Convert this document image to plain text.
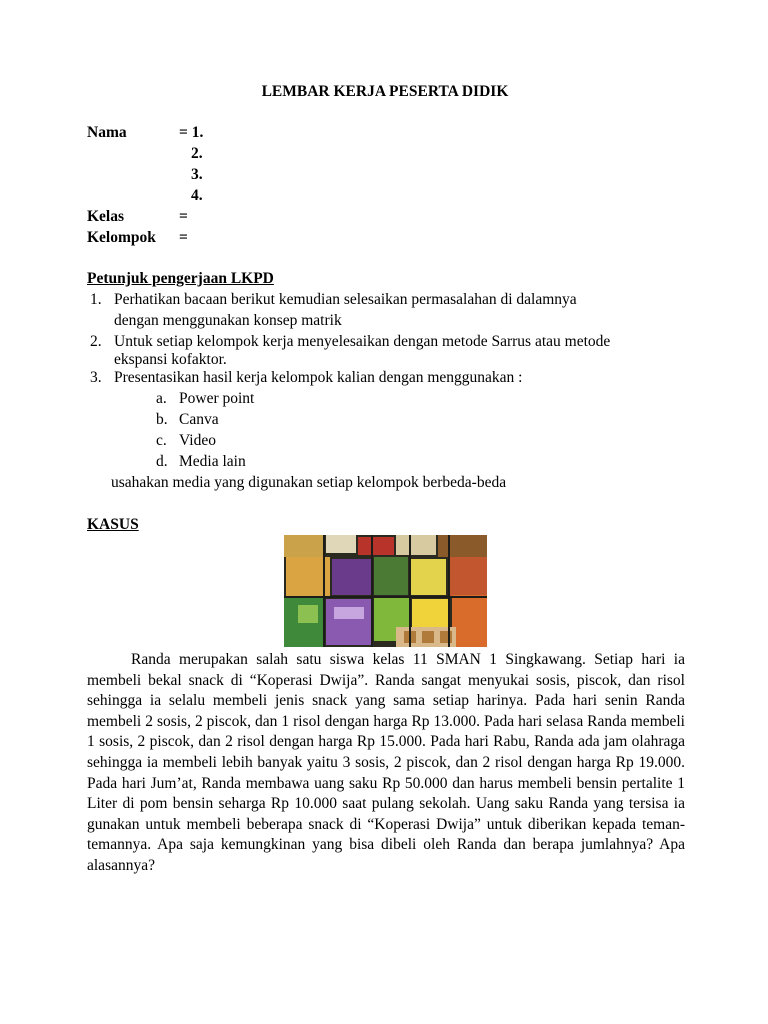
LEMBAR KERJA PESERTA DIDIK
Nama	= 1.
2.
3.
4.
Kelas	=
Kelompok =
Petunjuk pengerjaan LKPD
1. Perhatikan bacaan berikut kemudian selesaikan permasalahan di dalamnya
dengan menggunakan konsep matrik
2. Untuk setiap kelompok kerja menyelesaikan dengan metode Sarrus atau metode
ekspansi kofaktor.
3. Presentasikan hasil kerja kelompok kalian dengan menggunakan :
a. Power point
b. Canva
c. Video
d. Media lain
usahakan media yang digunakan setiap kelompok berbeda-beda
KASUS
Randa merupakan salah satu siswa kelas 11 SMAN 1 Singkawang. Setiap hari ia membeli bekal snack di “Koperasi Dwija”. Randa sangat menyukai sosis, piscok, dan risol sehingga ia selalu membeli jenis snack yang sama setiap harinya. Pada hari senin Randa membeli 2 sosis, 2 piscok, dan 1 risol dengan harga Rp 13.000. Pada hari selasa Randa membeli 1 sosis, 2 piscok, dan 2 risol dengan harga Rp 15.000. Pada hari Rabu, Randa ada jam olahraga sehingga ia membeli lebih banyak yaitu 3 sosis, 2 piscok, dan 2 risol dengan harga Rp 19.000. Pada hari Jum’at, Randa membawa uang saku Rp 50.000 dan harus membeli bensin pertalite 1 Liter di pom bensin seharga Rp 10.000 saat pulang sekolah. Uang saku Randa yang tersisa ia gunakan untuk membeli beberapa snack di “Koperasi Dwija” untuk diberikan kepada teman- temannya. Apa saja kemungkinan yang bisa dibeli oleh Randa dan berapa jumlahnya? Apa alasannya?
